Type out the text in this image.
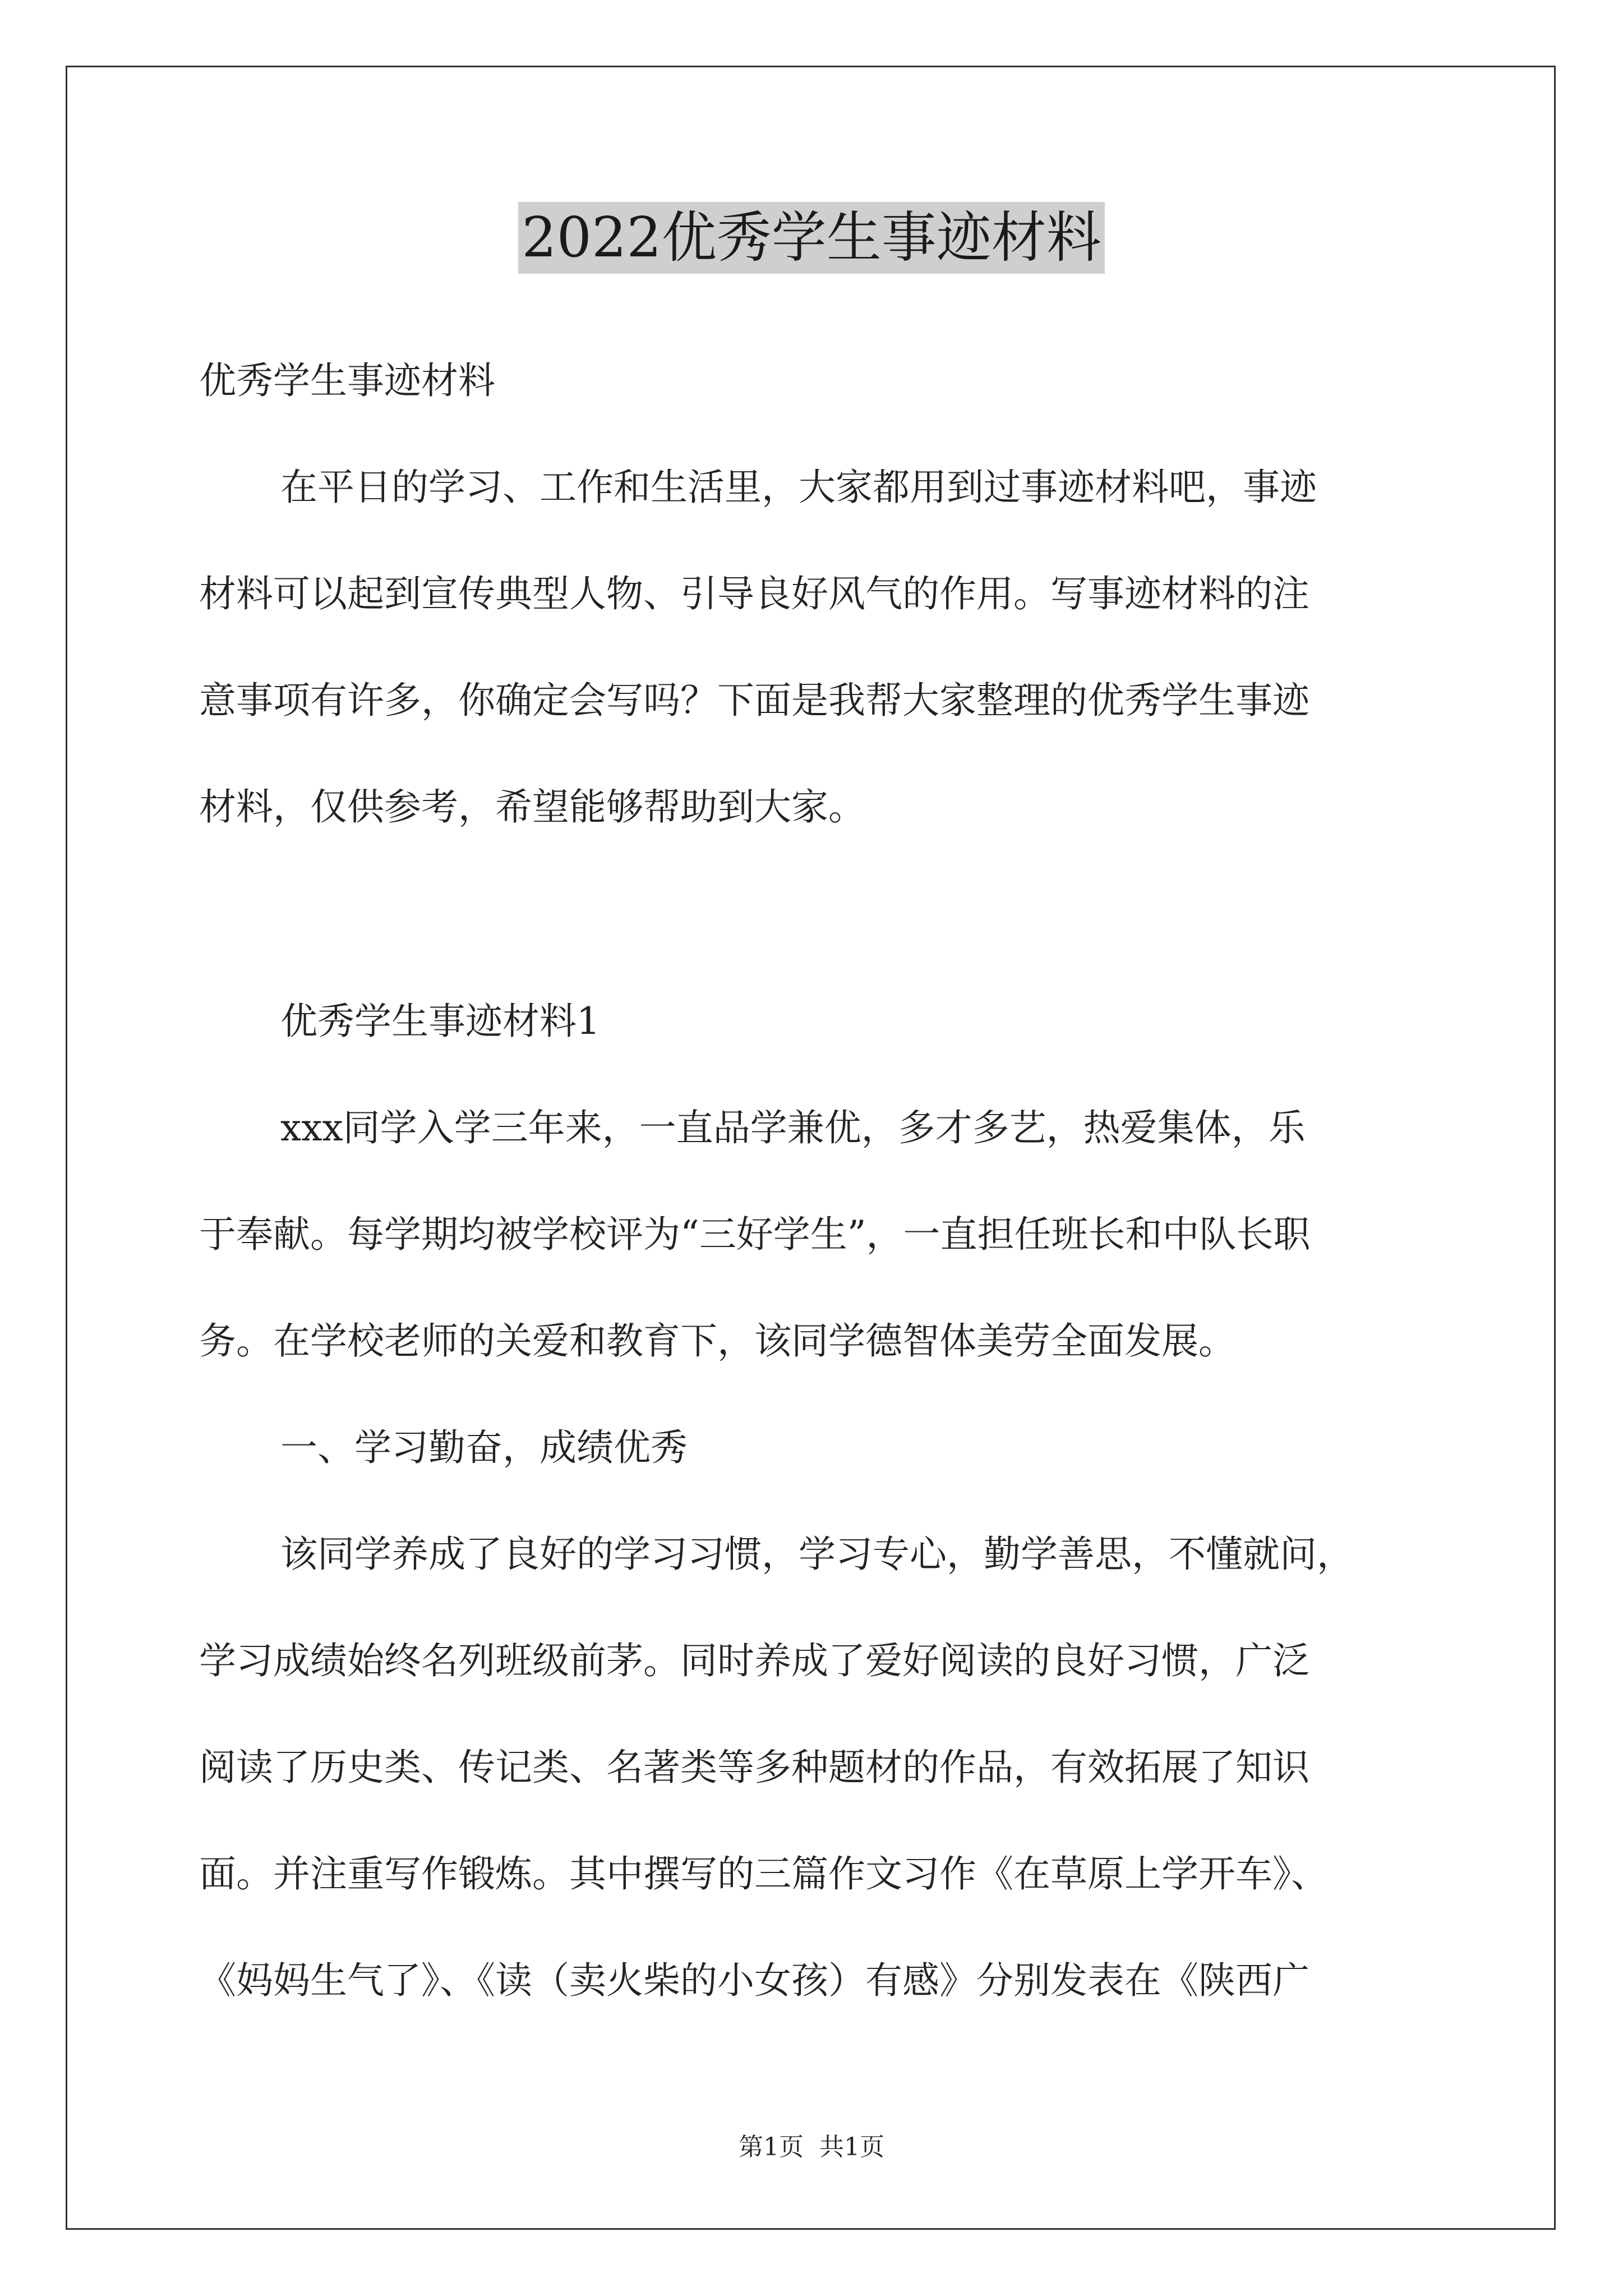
2022优秀学生事迹材料
优秀学生事迹材料
在平日的学习、工作和生活里，大家都用到过事迹材料吧，事迹
材料可以起到宣传典型人物、引导良好风气的作用。写事迹材料的注
意事项有许多，你确定会写吗？下面是我帮大家整理的优秀学生事迹
材料，仅供参考，希望能够帮助到大家。
优秀学生事迹材料1
xxx同学入学三年来，一直品学兼优，多才多艺，热爱集体，乐
于奉献。每学期均被学校评为“三好学生”，一直担任班长和中队长职
务。在学校老师的关爱和教育下，该同学德智体美劳全面发展。
一、学习勤奋，成绩优秀
该同学养成了良好的学习习惯，学习专心，勤学善思，不懂就问，
学习成绩始终名列班级前茅。同时养成了爱好阅读的良好习惯，广泛
阅读了历史类、传记类、名著类等多种题材的作品，有效拓展了知识
面。并注重写作锻炼。其中撰写的三篇作文习作《在草原上学开车》、
《妈妈生气了》、《读（卖火柴的小女孩）有感》分别发表在《陕西广
第1页 共1页
